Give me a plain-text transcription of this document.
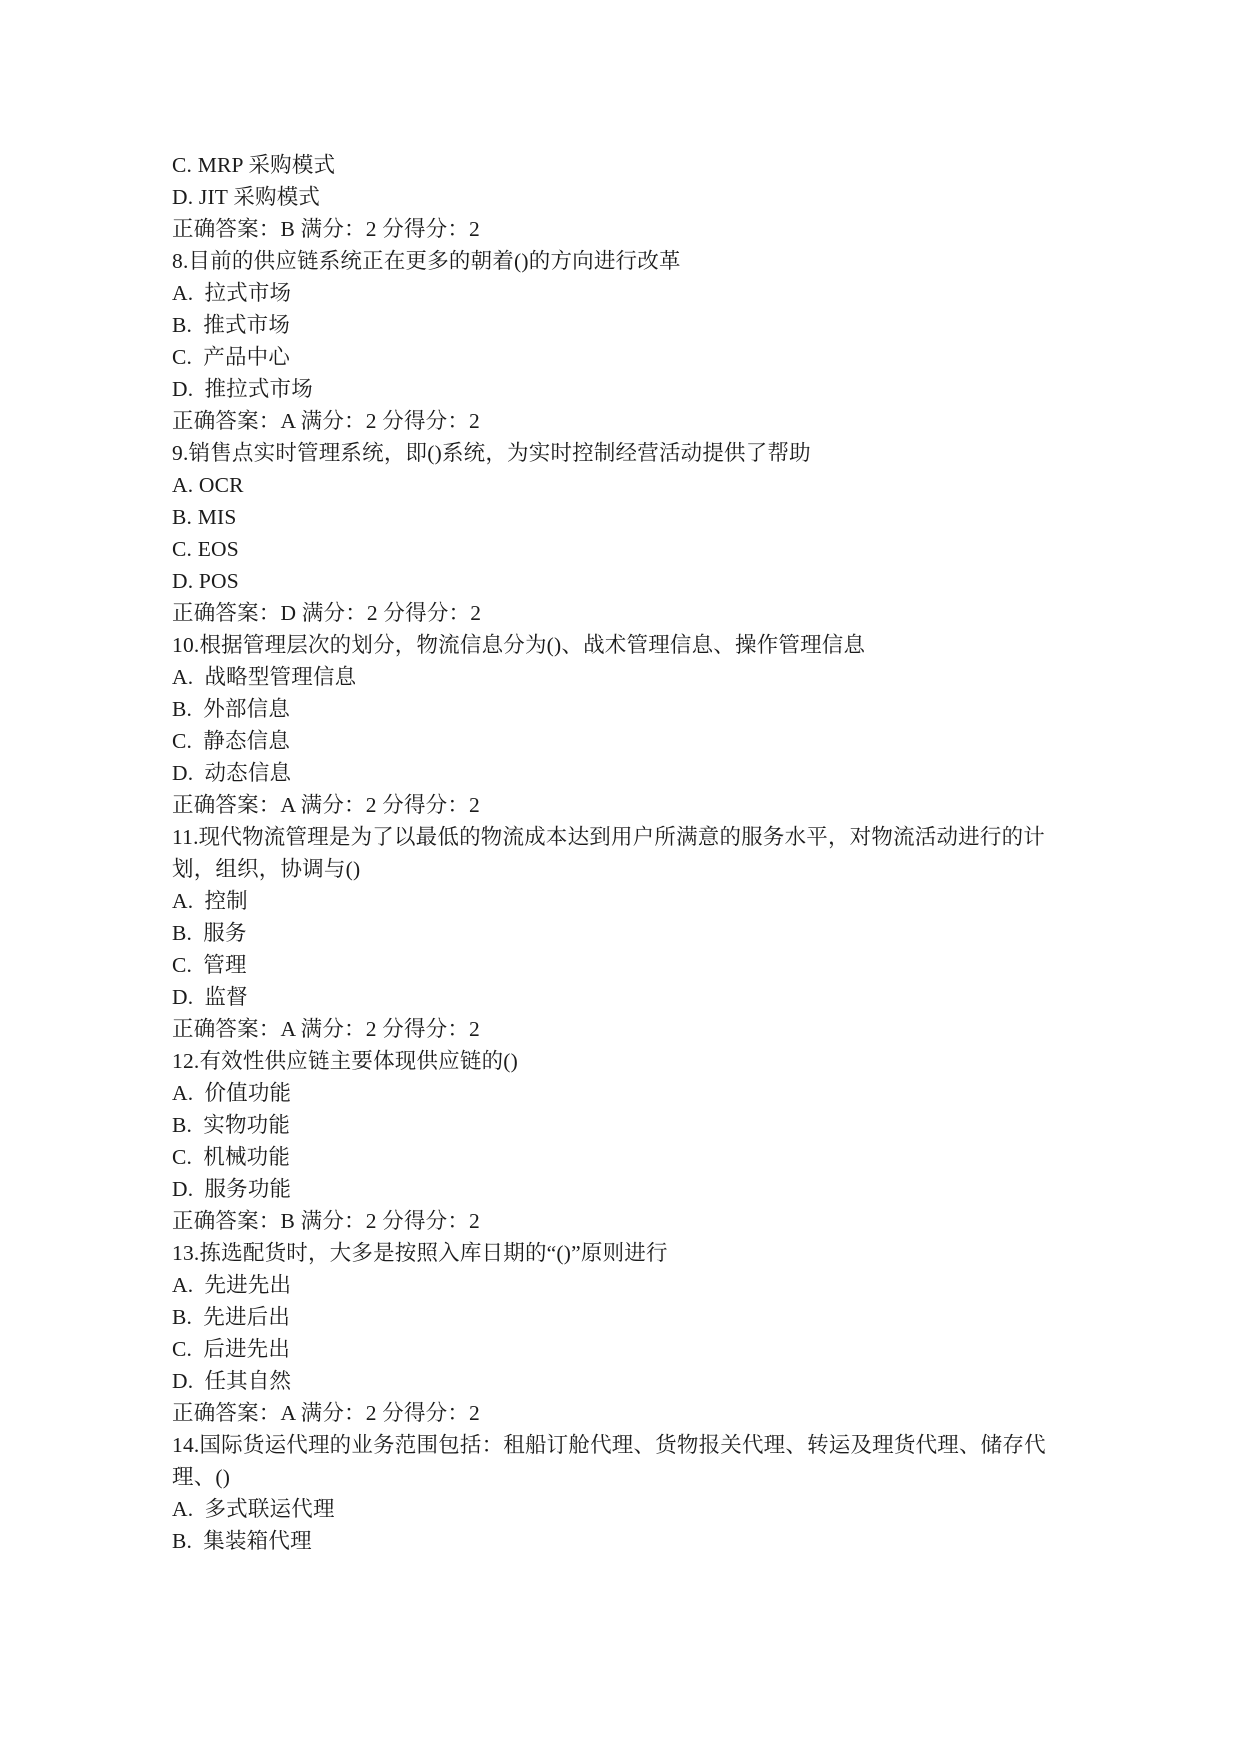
C. MRP 采购模式
D. JIT 采购模式
正确答案：B 满分：2 分得分：2
8.目前的供应链系统正在更多的朝着()的方向进行改革
A.  拉式市场
B.  推式市场
C.  产品中心
D.  推拉式市场
正确答案：A 满分：2 分得分：2
9.销售点实时管理系统，即()系统，为实时控制经营活动提供了帮助
A. OCR
B. MIS
C. EOS
D. POS
正确答案：D 满分：2 分得分：2
10.根据管理层次的划分，物流信息分为()、战术管理信息、操作管理信息
A.  战略型管理信息
B.  外部信息
C.  静态信息
D.  动态信息
正确答案：A 满分：2 分得分：2
11.现代物流管理是为了以最低的物流成本达到用户所满意的服务水平，对物流活动进行的计划，组织，协调与()
A.  控制
B.  服务
C.  管理
D.  监督
正确答案：A 满分：2 分得分：2
12.有效性供应链主要体现供应链的()
A.  价值功能
B.  实物功能
C.  机械功能
D.  服务功能
正确答案：B 满分：2 分得分：2
13.拣选配货时，大多是按照入库日期的“()”原则进行
A.  先进先出
B.  先进后出
C.  后进先出
D.  任其自然
正确答案：A 满分：2 分得分：2
14.国际货运代理的业务范围包括：租船订舱代理、货物报关代理、转运及理货代理、储存代理、()
A.  多式联运代理
B.  集装箱代理
